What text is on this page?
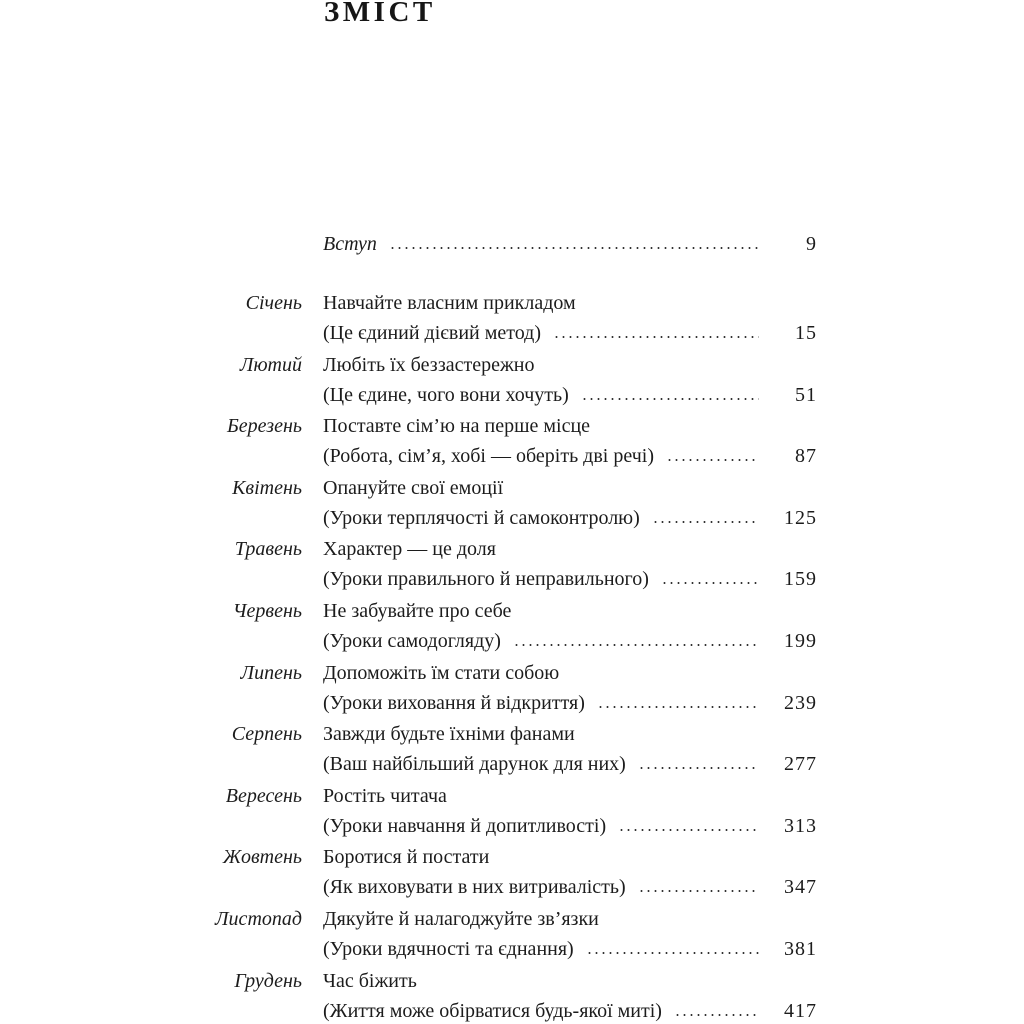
ЗМІСТ
Вступ	9
Січень Навчайте власним прикладом
(Це єдиний дієвий метод)	15
Лютий Любіть їх беззастережно
(Це єдине, чого вони хочуть)	51
Березень Поставте сім’ю на перше місце
(Робота, сім’я, хобі — оберіть дві речі)	87
Квітень Опануйте свої емоції
(Уроки терплячості й самоконтролю)	125
Травень Характер — це доля
(Уроки правильного й неправильного)	159
Червень Не забувайте про себе
(Уроки самодогляду)	199
Липень Допоможіть їм стати собою
(Уроки виховання й відкриття)	239
Серпень Завжди будьте їхніми фанами
(Ваш найбільший дарунок для них)	277
Вересень Ростіть читача
(Уроки навчання й допитливості)	313
Жовтень Боротися й постати
(Як виховувати в них витривалість)	347
Листопад Дякуйте й налагоджуйте зв’язки
(Уроки вдячності та єднання)	381
Грудень Час біжить
(Життя може обірватися будь-якої миті)	417
